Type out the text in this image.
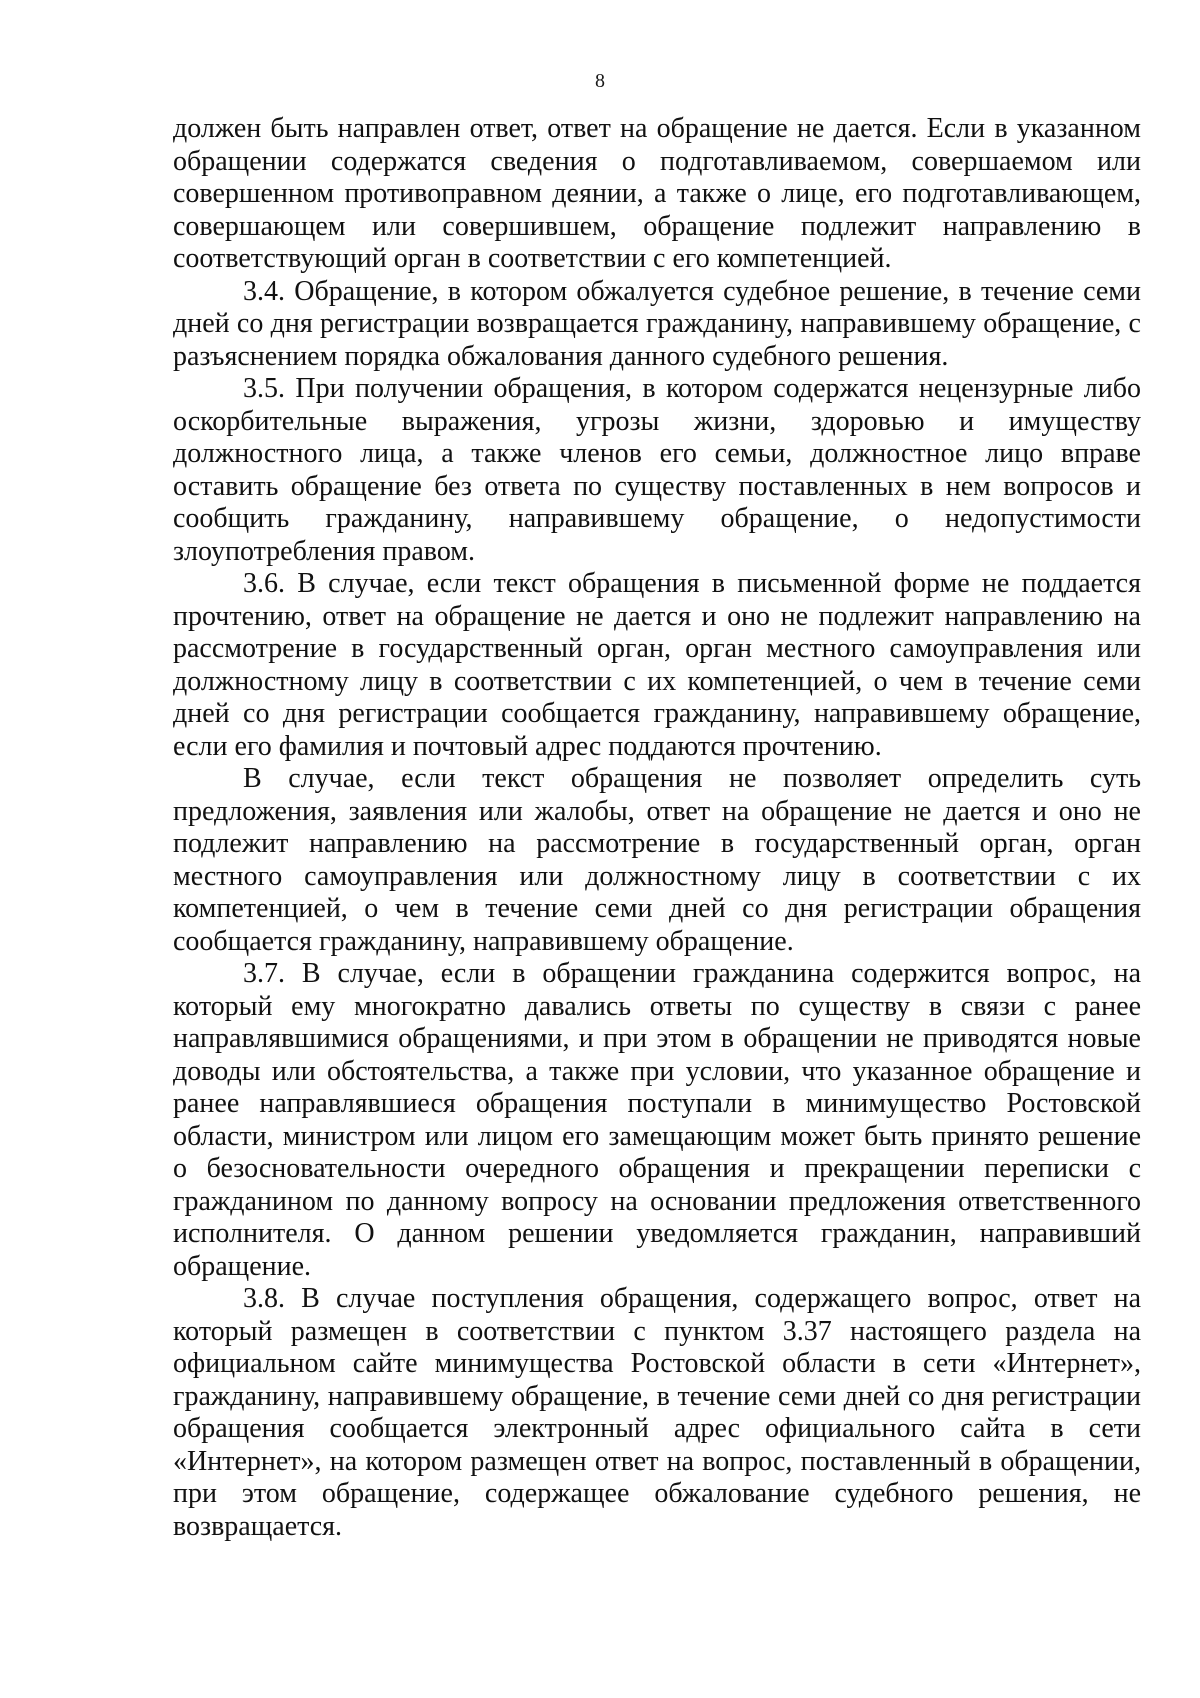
8

должен быть направлен ответ, ответ на обращение не дается. Если в указанном обращении содержатся сведения о подготавливаемом, совершаемом или совершенном противоправном деянии, а также о лице, его подготавливающем, совершающем или совершившем, обращение подлежит направлению в соответствующий орган в соответствии с его компетенцией.

3.4. Обращение, в котором обжалуется судебное решение, в течение семи дней со дня регистрации возвращается гражданину, направившему обращение, с разъяснением порядка обжалования данного судебного решения.

3.5. При получении обращения, в котором содержатся нецензурные либо оскорбительные выражения, угрозы жизни, здоровью и имуществу должностного лица, а также членов его семьи, должностное лицо вправе оставить обращение без ответа по существу поставленных в нем вопросов и сообщить гражданину, направившему обращение, о недопустимости злоупотребления правом.

3.6. В случае, если текст обращения в письменной форме не поддается прочтению, ответ на обращение не дается и оно не подлежит направлению на рассмотрение в государственный орган, орган местного самоуправления или должностному лицу в соответствии с их компетенцией, о чем в течение семи дней со дня регистрации сообщается гражданину, направившему обращение, если его фамилия и почтовый адрес поддаются прочтению.

В случае, если текст обращения не позволяет определить суть предложения, заявления или жалобы, ответ на обращение не дается и оно не подлежит направлению на рассмотрение в государственный орган, орган местного самоуправления или должностному лицу в соответствии с их компетенцией, о чем в течение семи дней со дня регистрации обращения сообщается гражданину, направившему обращение.

3.7. В случае, если в обращении гражданина содержится вопрос, на который ему многократно давались ответы по существу в связи с ранее направлявшимися обращениями, и при этом в обращении не приводятся новые доводы или обстоятельства, а также при условии, что указанное обращение и ранее направлявшиеся обращения поступали в минимущество Ростовской области, министром или лицом его замещающим может быть принято решение о безосновательности очередного обращения и прекращении переписки с гражданином по данному вопросу на основании предложения ответственного исполнителя. О данном решении уведомляется гражданин, направивший обращение.

3.8. В случае поступления обращения, содержащего вопрос, ответ на который размещен в соответствии с пунктом 3.37 настоящего раздела на официальном сайте минимущества Ростовской области в сети «Интернет», гражданину, направившему обращение, в течение семи дней со дня регистрации обращения сообщается электронный адрес официального сайта в сети «Интернет», на котором размещен ответ на вопрос, поставленный в обращении, при этом обращение, содержащее обжалование судебного решения, не возвращается.
